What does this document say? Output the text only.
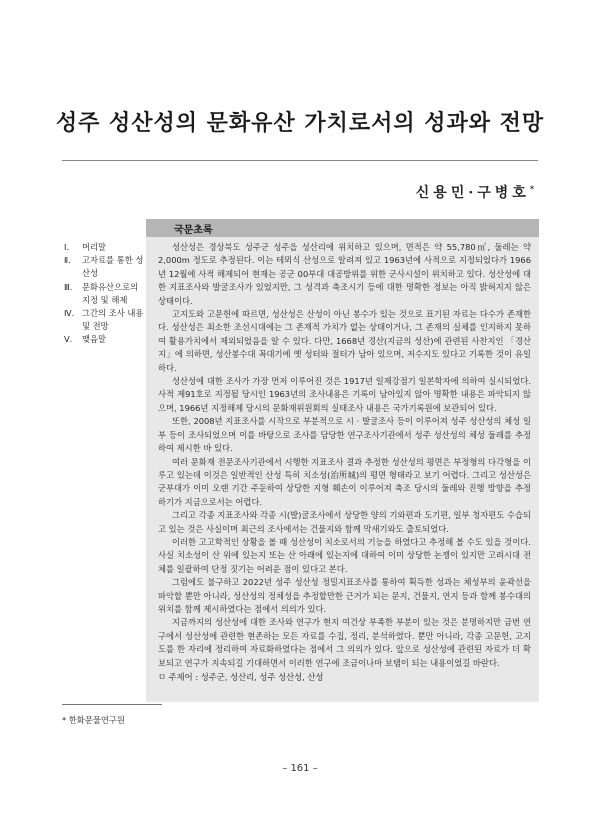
성주 성산성의 문화유산 가치로서의 성과와 전망
신용민·구병호*
Ⅰ.	머리말
Ⅱ.	고자료를 통한 성산성
Ⅲ.	문화유산으로의 지정 및 해제
Ⅳ. 그간의 조사 내용 및 전망
Ⅴ.	맺음말
국문초록

성산성은 경상북도 성주군 성주읍 성산리에 위치하고 있으며, 면적은 약 55,780㎡, 둘레는 약 2,000m 정도로 추정된다. 이는 테뫼식 산성으로 알려져 있고 1963년에 사적으로 지정되었다가 1966년 12월에 사적 해제되어 현재는 공군 00부대 대공방위를 위한 군사시설이 위치하고 있다. 성산성에 대한 지표조사와 발굴조사가 있었지만, 그 성격과 축조시기 등에 대한 명확한 정보는 아직 밝혀지지 않은 상태이다.

고지도와 고문헌에 따르면, 성산성은 산성이 아닌 봉수가 있는 것으로 표기된 자료는 다수가 존재한다. 성산성은 최소한 조선시대에는 그 존재적 가치가 없는 상태이거나, 그 존재의 실체를 인지하지 못하여 활용가치에서 제외되었음을 알 수 있다. 다만, 1668년 경산(지금의 성산)에 관련된 사찬지인 「경산지」에 의하면, 성산봉수대 꼭대기에 옛 성터와 절터가 남아 있으며, 저수지도 있다고 기록한 것이 유일하다.

성산성에 대한 조사가 가장 먼저 이루어진 것은 1917년 일제강점기 일본학자에 의하여 실시되었다. 사적 제91호로 지정될 당시인 1963년의 조사내용은 기록이 남아있지 않아 명확한 내용은 파악되지 않으며, 1966년 지정해제 당시의 문화재위원회의 실태조사 내용은 국가기록원에 보관되어 있다.

또한, 2008년 지표조사를 시작으로 부분적으로 시 · 발굴조사 등이 이루어져 성주 성산성의 체성 일부 등이 조사되었으며 이를 바탕으로 조사를 담당한 연구조사기관에서 성주 성산성의 체성 둘레를 추정하여 제시한 바 있다.

여러 문화재 전문조사기관에서 시행한 지표조사 결과 추정한 성산성의 평면은 부정형의 다각형을 이루고 있는데 이것은 일반적인 산성 특히 치소성(治所城)의 평면 형태라고 보기 어렵다. 그리고 성산성은 군부대가 이미 오랜 기간 주둔하여 상당한 지형 훼손이 이루어져 축조 당시의 둘레와 진행 방향을 추정하기가 지금으로서는 어렵다.

그리고 각종 지표조사와 각종 시(발)굴조사에서 상당한 양의 기와편과 도기편, 일부 청자편도 수습되고 있는 것은 사실이며 최근의 조사에서는 건물지와 함께 막새기와도 출토되었다.

이러한 고고학적인 상황을 볼 때 성산성이 치소로서의 기능을 하였다고 추정해 볼 수도 있을 것이다. 사실 치소성이 산 위에 있는지 또는 산 아래에 있는지에 대하여 이미 상당한 논쟁이 있지만 고려시대 전체를 일괄하여 단정 짓기는 어려운 점이 있다고 본다.

그럼에도 불구하고 2022년 성주 성산성 정밀지표조사를 통하여 획득한 성과는 체성부의 윤곽선을 파악할 뿐만 아니라, 성산성의 정체성을 추정할만한 근거가 되는 문지, 건물지, 연지 등과 함께 봉수대의 위치를 함께 제시하였다는 점에서 의의가 있다.

지금까지의 성산성에 대한 조사와 연구가 현지 여건상 부족한 부분이 있는 것은 분명하지만 금번 연구에서 성산성에 관련한 현존하는 모든 자료를 수집, 정리, 분석하였다. 뿐만 아니라, 각종 고문헌, 고지도를 한 자리에 정리하여 자료화하였다는 점에서 그 의의가 있다. 앞으로 성산성에 관련된 자료가 더 확보되고 연구가 지속되길 기대하면서 이러한 연구에 조금이나마 보탬이 되는 내용이었길 바란다.

ㅁ 주제어 : 성주군, 성산리, 성주 성산성, 산성
* 한화문물연구원
– 161 –
